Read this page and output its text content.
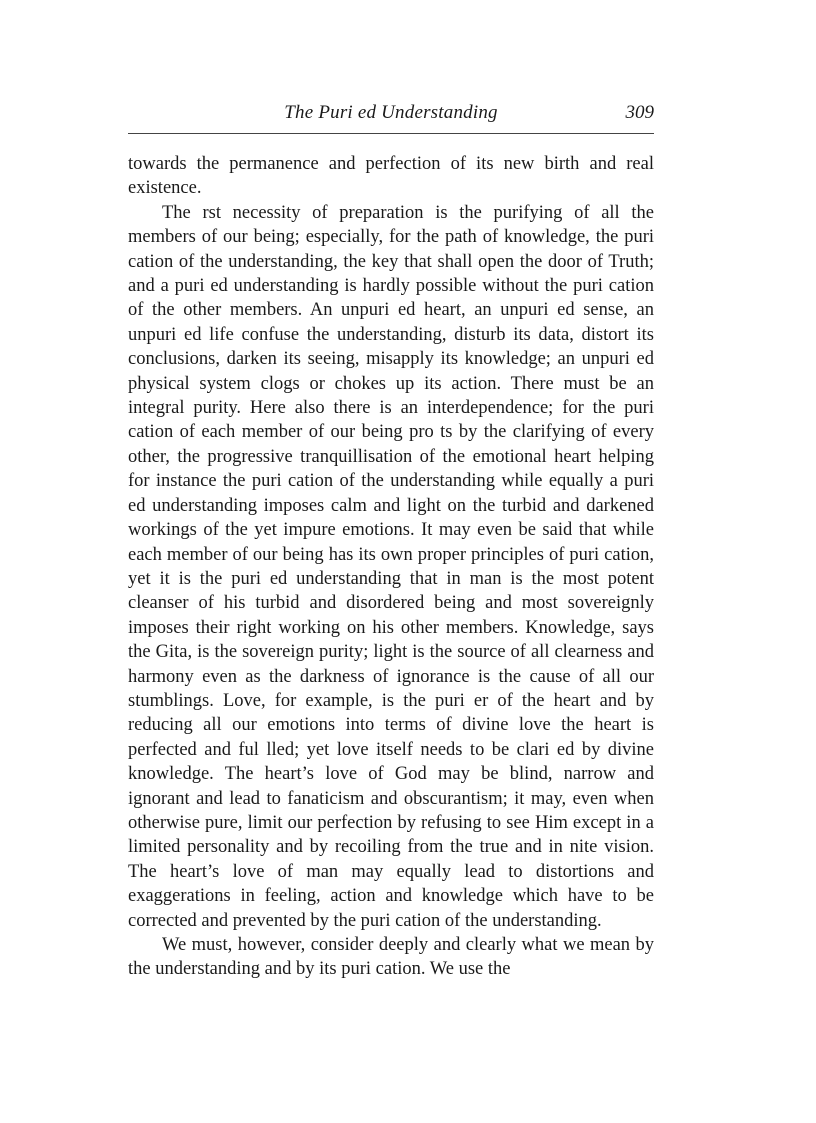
The Puri ed Understanding	309

towards the permanence and perfection of its new birth and real existence.

The rst necessity of preparation is the purifying of all the members of our being; especially, for the path of knowledge, the puri cation of the understanding, the key that shall open the door of Truth; and a puri ed understanding is hardly possible without the puri cation of the other members. An unpuri ed heart, an unpuri ed sense, an unpuri ed life confuse the understanding, disturb its data, distort its conclusions, darken its seeing, misapply its knowledge; an unpuri ed physical system clogs or chokes up its action. There must be an integral purity. Here also there is an interdependence; for the puri cation of each member of our being pro ts by the clarifying of every other, the progressive tranquillisation of the emotional heart helping for instance the puri cation of the understanding while equally a puri ed understanding imposes calm and light on the turbid and darkened workings of the yet impure emotions. It may even be said that while each member of our being has its own proper principles of puri cation, yet it is the puri ed understanding that in man is the most potent cleanser of his turbid and disordered being and most sovereignly imposes their right working on his other members. Knowledge, says the Gita, is the sovereign purity; light is the source of all clearness and harmony even as the darkness of ignorance is the cause of all our stumblings. Love, for example, is the puri er of the heart and by reducing all our emotions into terms of divine love the heart is perfected and ful lled; yet love itself needs to be clari ed by divine knowledge. The heart’s love of God may be blind, narrow and ignorant and lead to fanaticism and obscurantism; it may, even when otherwise pure, limit our perfection by refusing to see Him except in a limited personality and by recoiling from the true and in nite vision. The heart’s love of man may equally lead to distortions and exaggerations in feeling, action and knowledge which have to be corrected and prevented by the puri cation of the understanding.

We must, however, consider deeply and clearly what we mean by the understanding and by its puri cation. We use the
